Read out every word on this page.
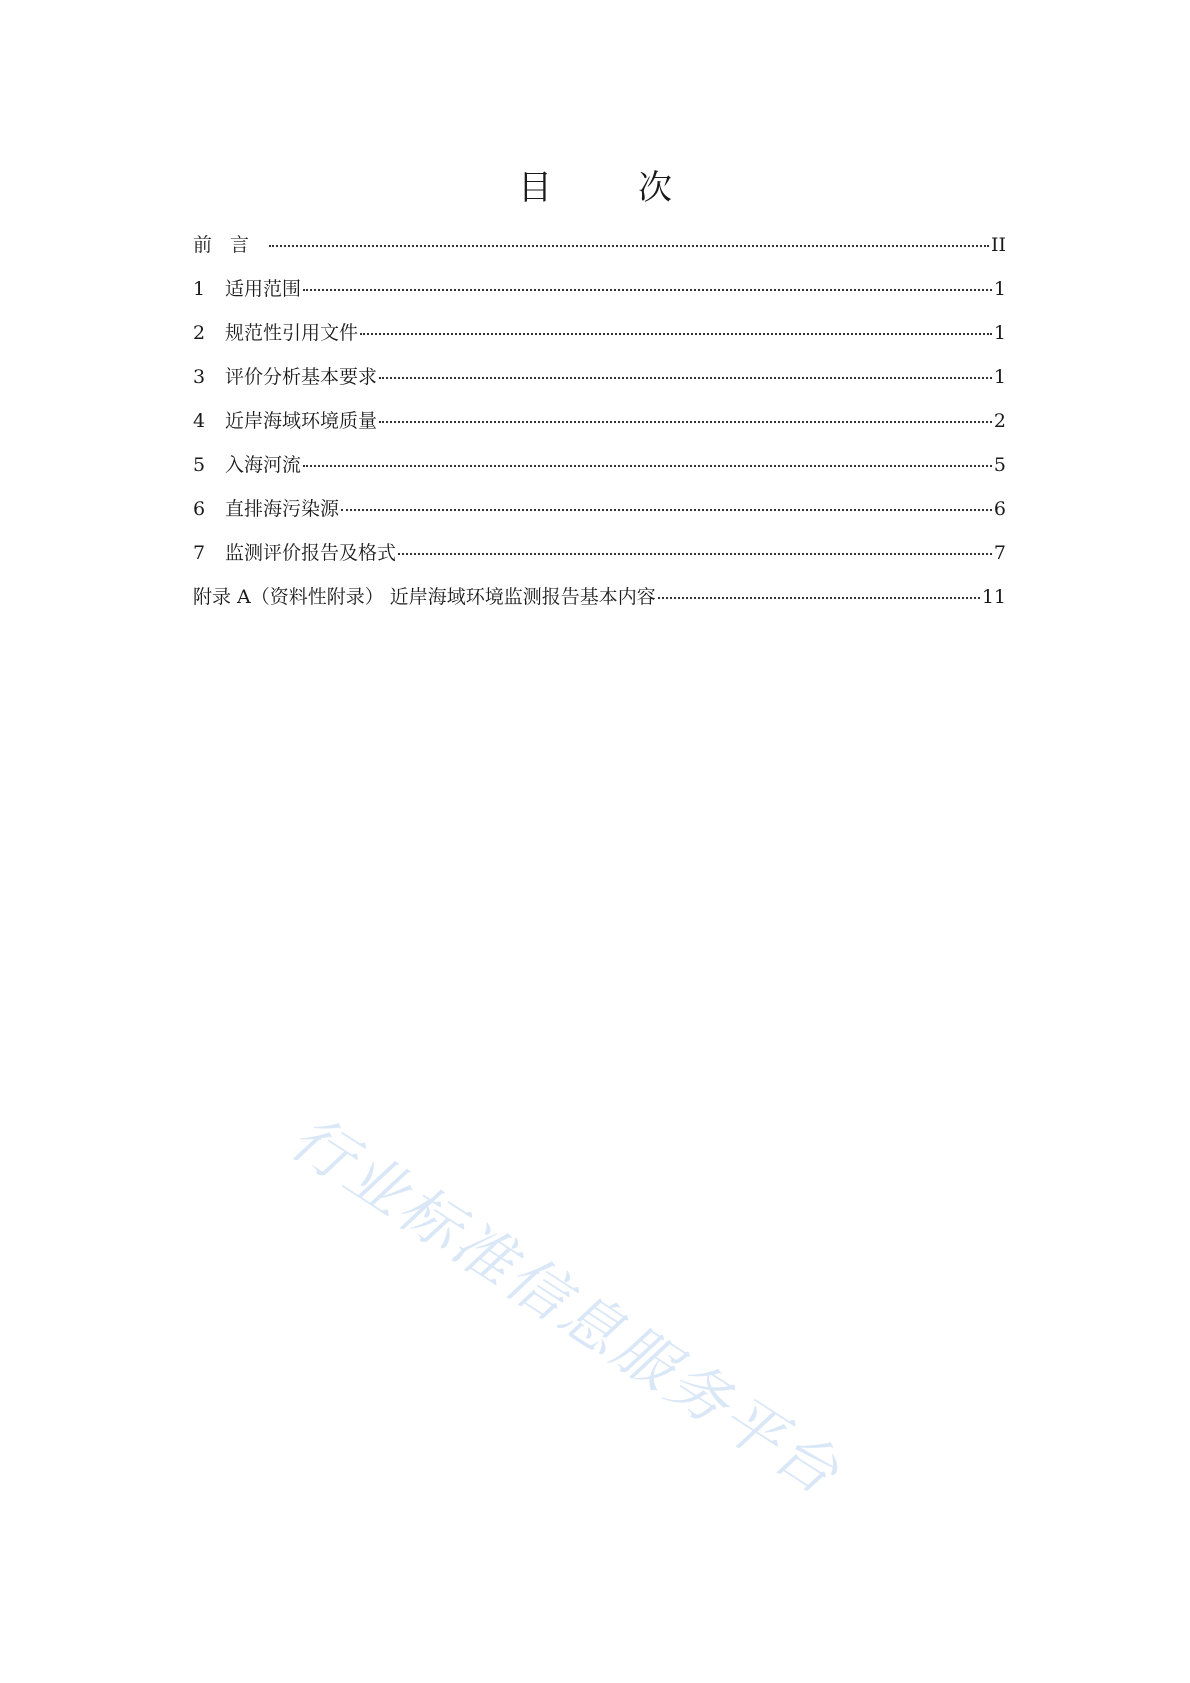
目　次
前言	II
1	适用范围	1
2	规范性引用文件	1
3	评价分析基本要求	1
4	近岸海域环境质量	2
5	入海河流	5
6	直排海污染源	6
7	监测评价报告及格式	7
附录 A（资料性附录） 近岸海域环境监测报告基本内容	11
行业标准信息服务平台
